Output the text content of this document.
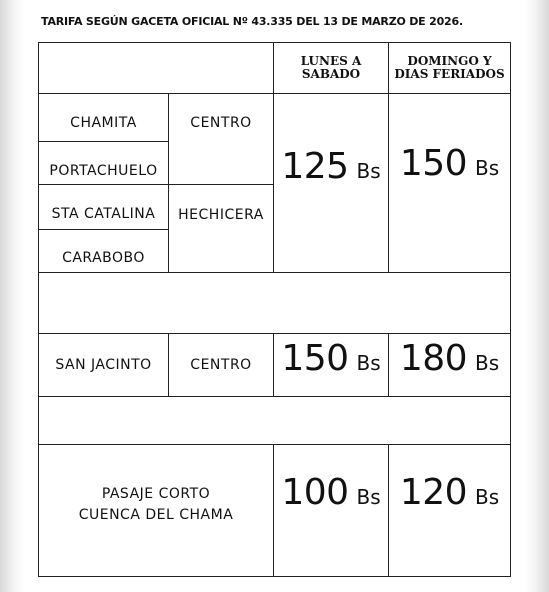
TARIFA SEGÚN GACETA OFICIAL Nº 43.335 DEL 13 DE MARZO DE 2026.
LUNES A
SABADO
DOMINGO Y
DIAS FERIADOS
CHAMITA
PORTACHUELO
STA CATALINA
CARABOBO
CENTRO
HECHICERA
125 Bs 150 Bs
SAN JACINTO	CENTRO 150 Bs 180 Bs
PASAJE CORTO
CUENCA DEL CHAMA
100 Bs 120 Bs
